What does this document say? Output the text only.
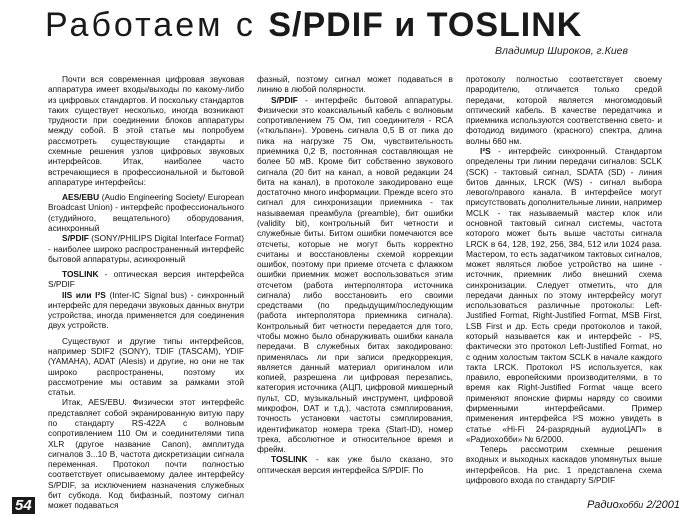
Работаем с S/PDIF и TOSLINK
Владимир Широков, г.Киев

Почти вся современная цифровая звуковая аппаратура имеет входы/выходы по какому-либо из цифровых стандартов. И поскольку стандартов таких существует несколько, иногда возникают трудности при соединении блоков аппаратуры между собой. В этой статье мы попробуем рассмотреть существующие стандарты и схемные решения узлов цифровых звуковых интерфейсов. Итак, наиболее часто встречающиеся в профессиональной и бытовой аппаратуре интерфейсы:

AES/EBU (Audio Engineering Society/ European Broadcast Union) - интерфейс профессионального (студийного, вещательного) оборудования, асинхронный

S/PDIF (SONY/PHILIPS Digital Interface Format) - наиболее широко распространенный интерфейс бытовой аппаратуры, асинхронный

TOSLINK - оптическая версия интерфейса S/PDIF

IIS или I²S (Inter-IC Signal bus) - синхронный интерфейс для передачи звуковых данных внутри устройства, иногда применяется для соединения двух устройств.

Существуют и другие типы интерфейсов, например SDIF2 (SONY), TDIF (TASCAM), YDIF (YAMAHA), ADAT (Alesis) и другие, но они не так широко распространены, поэтому их рассмотрение мы оставим за рамками этой статьи.

Итак, AES/EBU. Физически этот интерфейс представляет собой экранированную витую пару по стандарту RS-422A с волновым сопротивлением 110 Ом и соединителями типа XLR (другое название Canon), амплитуда сигналов 3...10 В, частота дискретизации сигнала переменная. Протокол почти полностью соответствует описываемому далее интерфейсу S/PDIF, за исключением назначения служебных бит субкода. Код бифазный, поэтому сигнал может подаваться

фазный, поэтому сигнал может подаваться в линию в любой полярности.

S/PDIF - интерфейс бытовой аппаратуры. Физически это коаксиальный кабель с волновым сопротивлением 75 Ом, тип соединителя - RCA («тюльпан»). Уровень сигнала 0,5 В от пика до пика на нагрузке 75 Ом, чувствительность приемника 0,2 В, постоянная составляющая не более 50 мВ. Кроме бит собственно звукового сигнала (20 бит на канал, а новой редакции 24 бита на канал), в протоколе закодировано еще достаточно много информации. Прежде всего это сигнал для синхронизации приемника - так называемая преамбула (preamble), бит ошибки (validity bit), контрольный бит четности и служебные биты. Битом ошибки помечаются все отсчеты, которые не могут быть корректно считаны и восстановлены схемой коррекции ошибок, поэтому при приеме отсчета с флажком ошибки приемник может воспользоваться этим отсчетом (работа интерполятора источника сигнала) либо восстановить его своими средствами (по предыдущим/последующим (работа интерполятора приемника сигнала). Контрольный бит четности передается для того, чтобы можно было обнаруживать ошибки канала передачи. В служебных битах закодировано: применялась ли при записи предкоррекция, является данный материал оригиналом или копией, разрешена ли цифровая перезапись, категория источника (АЦП, цифровой микшерный пульт, CD, музыкальный инструмент, цифровой микрофон, DAT и т.д.), частота сэмплирования, точность установки частоты сэмплирования, идентификатор номера трека (Start-ID), номер трека, абсолютное и относительное время и фрейм.

TOSLINK - как уже было сказано, это оптическая версия интерфейса S/PDIF. По

протоколу полностью соответствует своему прародителю, отличается только средой передачи, которой является многомодовый оптический кабель. В качестве передатчика и приемника используются соответственно свето- и фотодиод видимого (красного) спектра, длина волны 660 нм.

I²S - интерфейс синхронный. Стандартом определены три линии передачи сигналов: SCLK (SCK) - тактовый сигнал, SDATA (SD) - линия битов данных, LRCK (WS) - сигнал выбора левого/правого канала. В интерфейсе могут присутствовать дополнительные линии, например MCLK - так называемый мастер клок или основной тактовый сигнал системы, частота которого может быть выше частоты сигнала LRCK в 64, 128, 192, 256, 384, 512 или 1024 раза. Мастером, то есть задатчиком тактовых сигналов, может являться любое устройство на шине - источник, приемник либо внешний схема синхронизации. Следует отметить, что для передачи данных по этому интерфейсу могут использоваться различные протоколы: Left-Justified Format, Right-Justified Format, MSB First, LSB First и др. Есть среди протоколов и такой, который называется как и интерфейс - I²S, фактически это протокол Left-Justified Format, но с одним холостым тактом SCLK в начале каждого такта LRCK. Протокол I²S используется, как правило, европейскими производителями, в то время как Right-Justified Format чаще всего применяют японские фирмы наряду со своими фирменными интерфейсами. Пример применения интерфейса I²S можно увидеть в статье «Hi-Fi 24-разрядный аудиоЦАП» в «Радиохобби» № 6/2000.

Теперь рассмотрим схемные решения входных и выходных каскадов упомянутых выше интерфейсов. На рис. 1 представлена схема цифрового входа по стандарту S/PDIF

54	Радиохобби 2/2001
